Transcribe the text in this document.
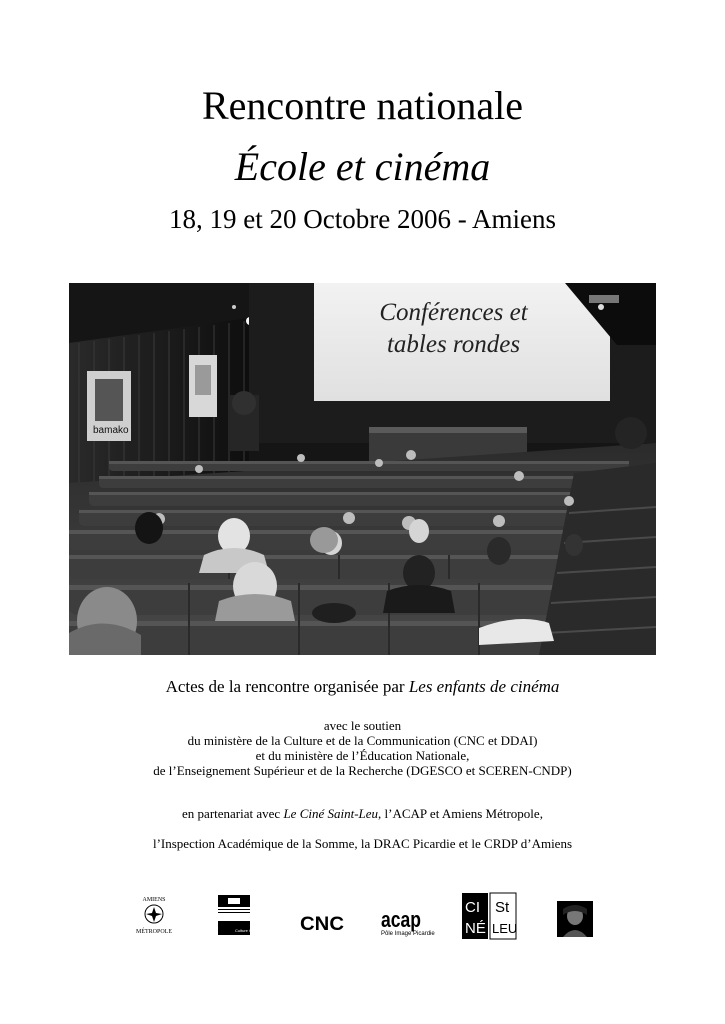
Rencontre nationale
École et cinéma
18, 19 et 20 Octobre 2006 - Amiens
bamako
Conférences et
tables rondes
Actes de la rencontre organisée par Les enfants de cinéma
avec le soutien
du ministère de la Culture et de la Communication (CNC et DDAI)
et du ministère de l’Éducation Nationale,
de l’Enseignement Supérieur et de la Recherche (DGESCO et SCEREN-CNDP)
en partenariat avec Le Ciné Saint-Leu, l’ACAP et Amiens Métropole,
l’Inspection Académique de la Somme, la DRAC Picardie et le CRDP d’Amiens
AMIENS
MÉTROPOLE	Culture Communication CNC acap
Pôle Image Picardie
CI
NÉ
St
LEU
